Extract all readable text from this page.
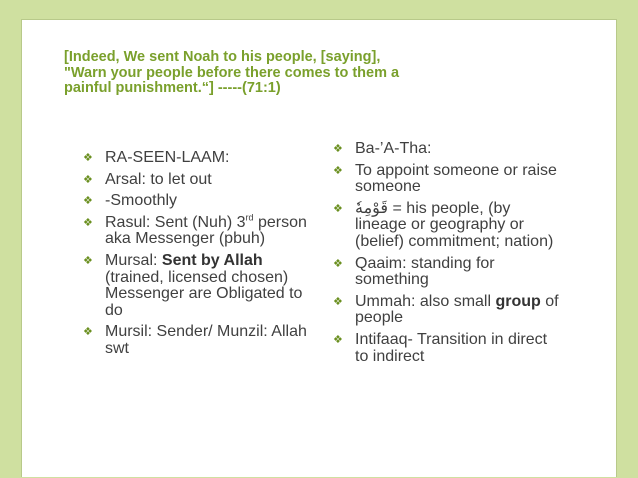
[Indeed, We sent Noah to his people, [saying], "Warn your people before there comes to them a painful punishment.“] -----(71:1)

❖ RA-SEEN-LAAM:
❖ Arsal: to let out
❖ -Smoothly
❖ Rasul: Sent (Nuh) 3rd person aka Messenger (pbuh)
❖ Mursal: Sent by Allah (trained, licensed chosen) Messenger are Obligated to do
❖ Mursil: Sender/ Munzil: Allah swt
❖ Ba-’A-Tha:
❖ To appoint someone or raise someone
❖ قَوْمِهٗ = his people, (by lineage or geography or (belief) commitment; nation)
❖ Qaaim: standing for something
❖ Ummah: also small group of people
❖ Intifaaq- Transition in direct to indirect
